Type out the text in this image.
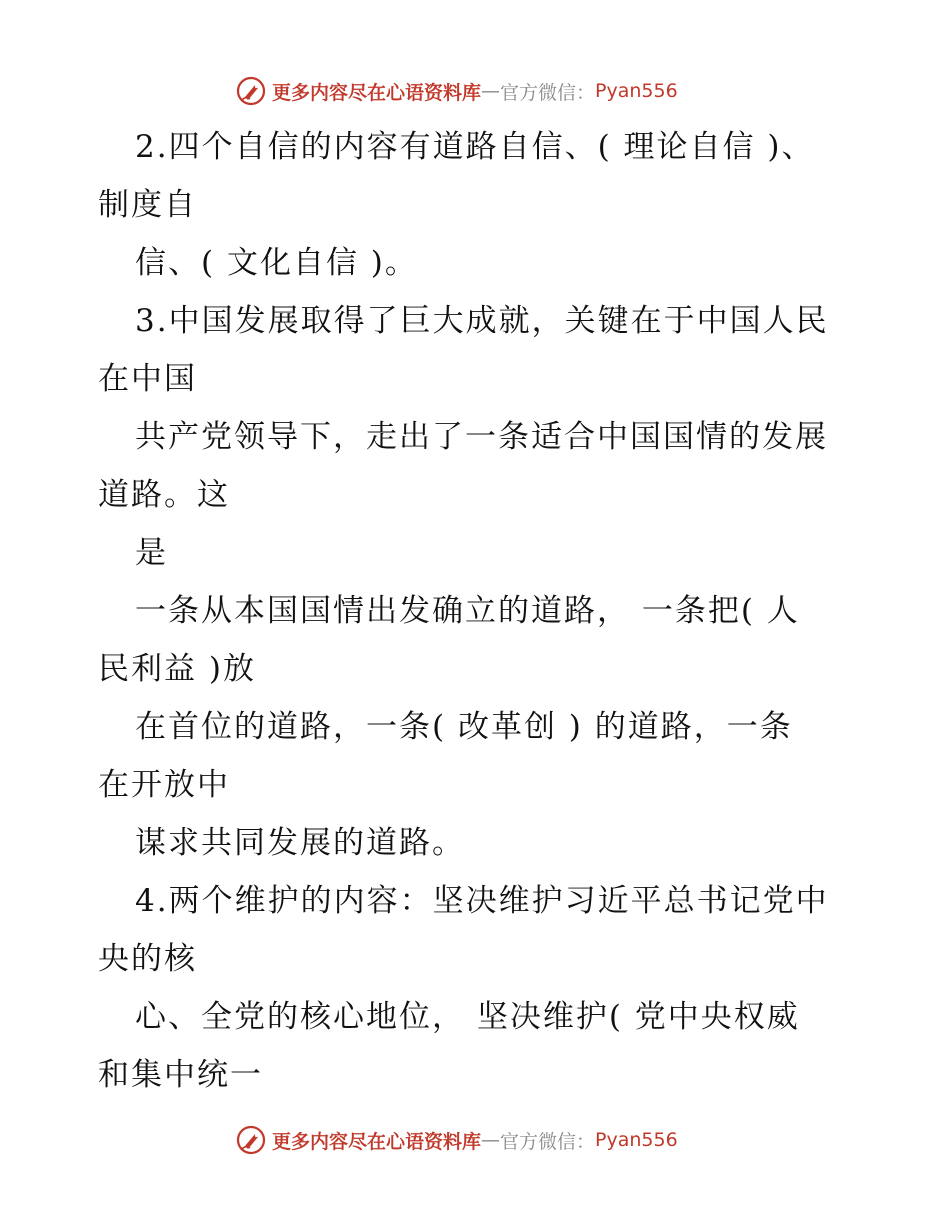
更多内容尽在心语资料库 — 官方微信： Pyan556
2.四个自信的内容有道路自信、( 理论自信 )、
制度自
信、( 文化自信 )。
3.中国发展取得了巨大成就，关键在于中国人民
在中国
共产党领导下，走出了一条适合中国国情的发展
道路。这
是
一条从本国国情出发确立的道路， 一条把( 人
民利益 )放
在首位的道路，一条( 改革创 ) 的道路，一条
在开放中
谋求共同发展的道路。
4.两个维护的内容：坚决维护习近平总书记党中
央的核
心、全党的核心地位， 坚决维护( 党中央权威
和集中统一
更多内容尽在心语资料库 — 官方微信： Pyan556
